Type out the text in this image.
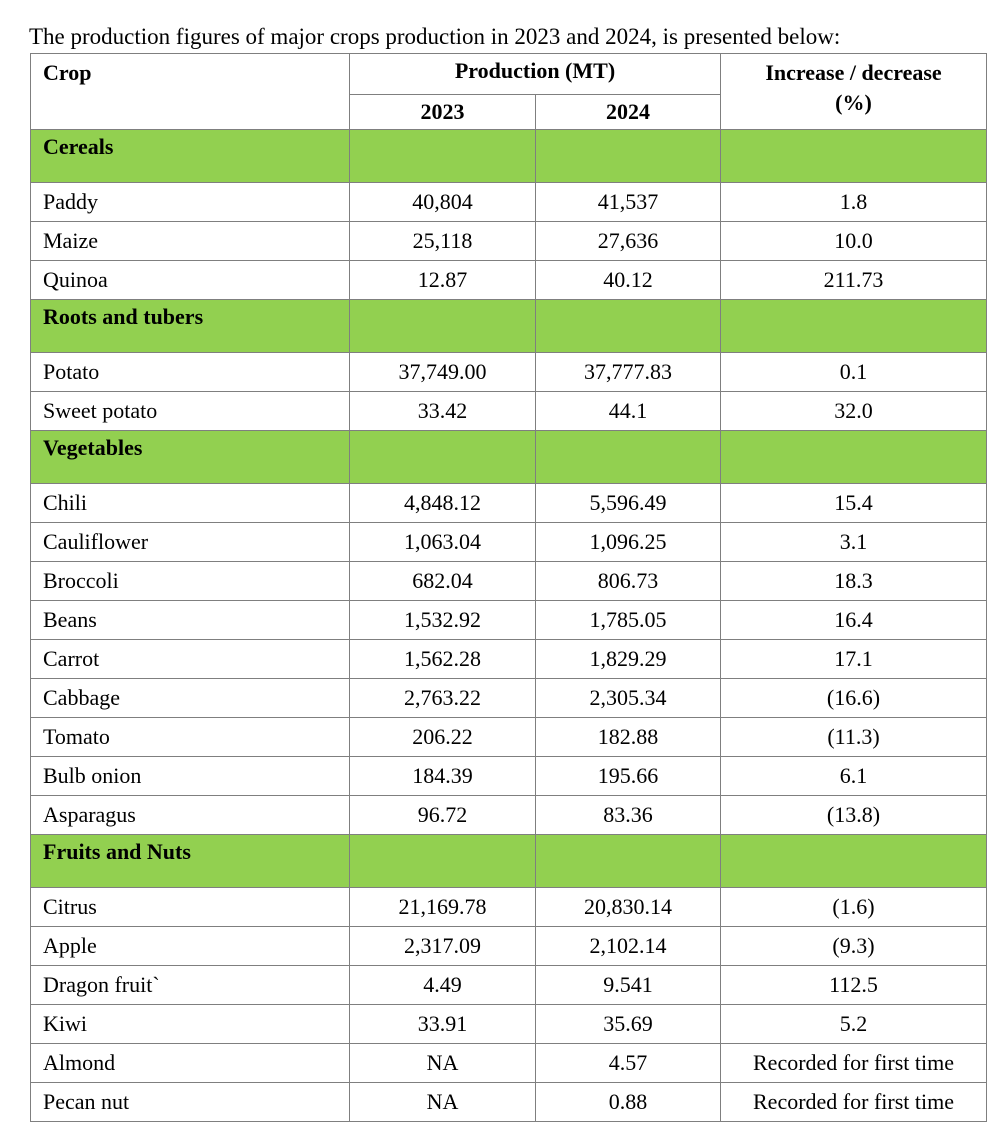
The production figures of major crops production in 2023 and 2024, is presented below:
Crop	Production (MT)		Increase / decrease
(%)

	2023	2024	
Cereals			
Paddy	40,804	41,537	1.8
Maize	25,118	27,636	10.0
Quinoa	12.87	40.12	211.73
Roots and tubers			
Potato	37,749.00	37,777.83	0.1
Sweet potato	33.42	44.1	32.0
Vegetables			
Chili	4,848.12	5,596.49	15.4
Cauliflower	1,063.04	1,096.25	3.1
Broccoli	682.04	806.73	18.3
Beans	1,532.92	1,785.05	16.4
Carrot	1,562.28	1,829.29	17.1
Cabbage	2,763.22	2,305.34	(16.6)
Tomato	206.22	182.88	(11.3)
Bulb onion	184.39	195.66	6.1
Asparagus	96.72	83.36	(13.8)
Fruits and Nuts			
Citrus	21,169.78	20,830.14	(1.6)
Apple	2,317.09	2,102.14	(9.3)
Dragon fruit`	4.49	9.541	112.5
Kiwi	33.91	35.69	5.2
Almond	NA	4.57	Recorded for first time
Pecan nut	NA	0.88	Recorded for first time
